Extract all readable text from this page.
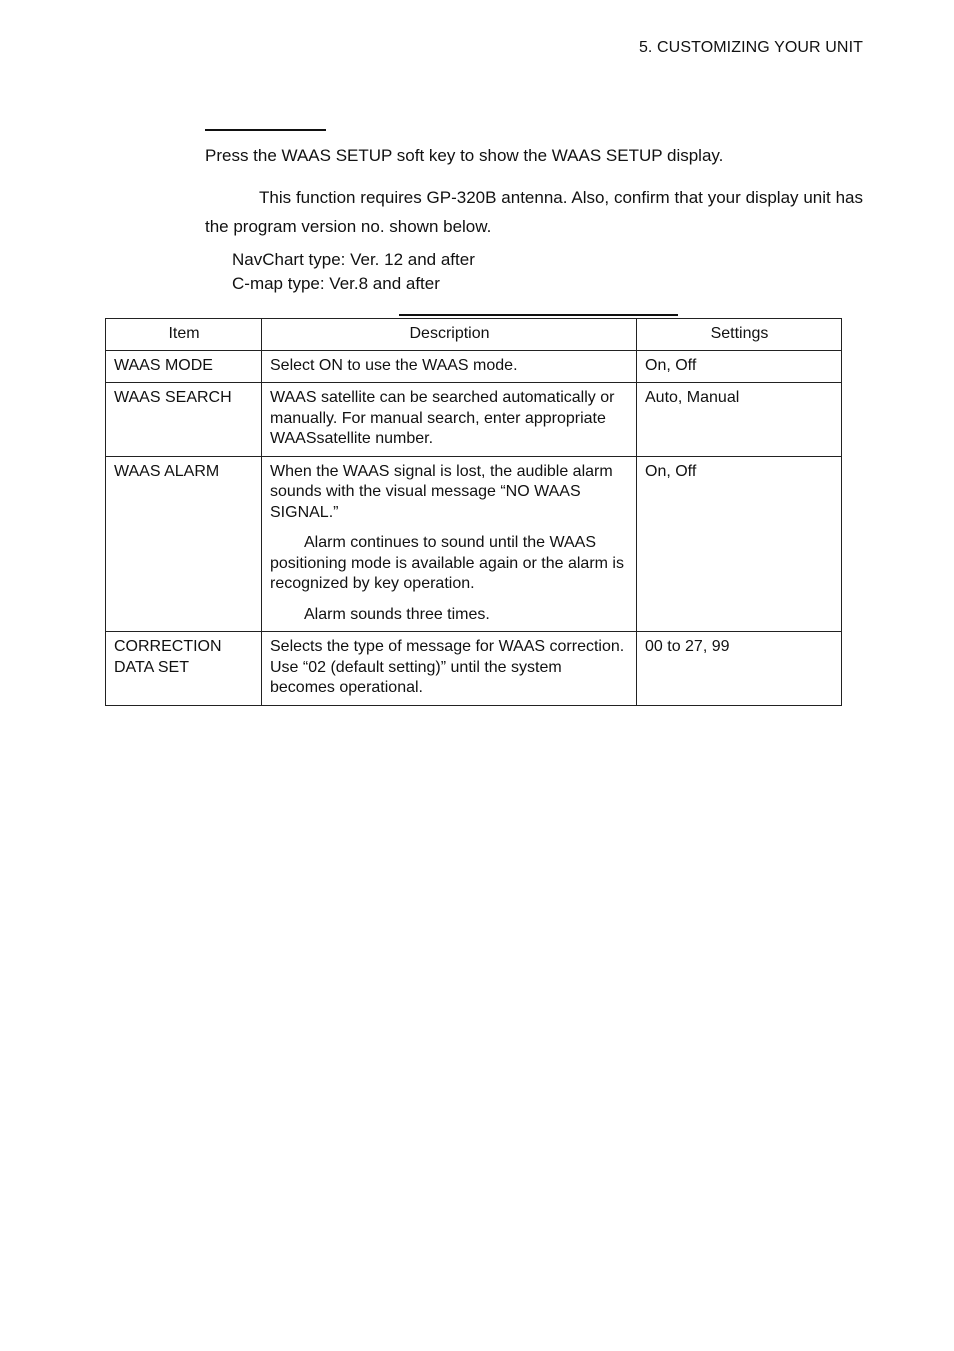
5. CUSTOMIZING YOUR UNIT
Press the WAAS SETUP soft key to show the WAAS SETUP display.
This function requires GP-320B antenna. Also, confirm that your display unit has the program version no. shown below.
NavChart type: Ver. 12 and after
C-map type: Ver.8 and after
Item	Description	Settings
WAAS MODE	Select ON to use the WAAS mode.	On, Off
WAAS SEARCH	WAAS satellite can be searched automatically or manually. For manual search, enter appropriate WAASsatellite number.	Auto, Manual
WAAS ALARM	When the WAAS signal is lost, the audible alarm sounds with the visual message “NO WAAS SIGNAL.”

Alarm continues to sound until the WAAS positioning mode is available again or the alarm is recognized by key operation.

Alarm sounds three times.	On, Off
CORRECTION DATA SET	Selects the type of message for WAAS correction. Use “02 (default setting)” until the system becomes operational.	00 to 27, 99
